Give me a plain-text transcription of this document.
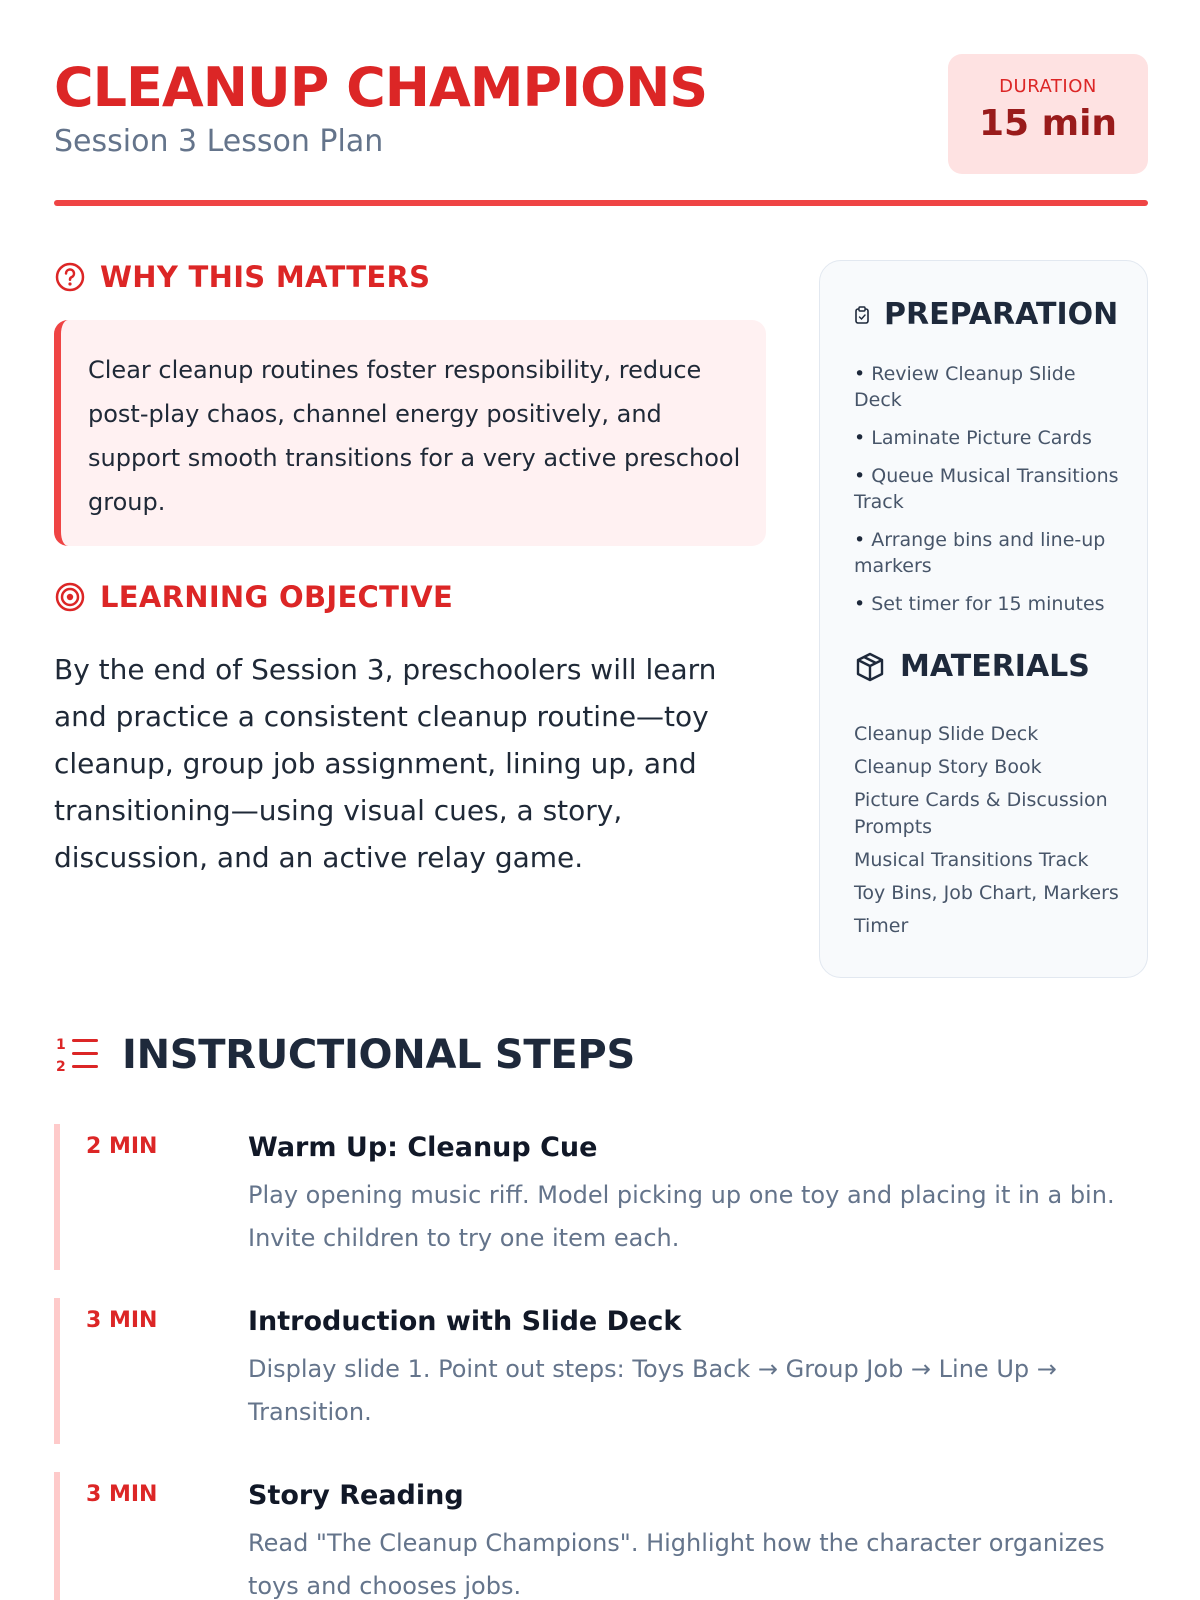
CLEANUP CHAMPIONS
Session 3 Lesson Plan
DURATION
15 min
WHY THIS MATTERS

Clear cleanup routines foster responsibility, reduce post-play chaos, channel energy positively, and support smooth transitions for a very active preschool group.

LEARNING OBJECTIVE

By the end of Session 3, preschoolers will learn and practice a consistent cleanup routine—toy cleanup, group job assignment, lining up, and transitioning—using visual cues, a story, discussion, and an active relay game.

PREPARATION
• Review Cleanup Slide Deck
• Laminate Picture Cards
• Queue Musical Transitions Track
• Arrange bins and line-up markers
• Set timer for 15 minutes
MATERIALS
Cleanup Slide Deck
Cleanup Story Book
Picture Cards & Discussion Prompts
Musical Transitions Track
Toy Bins, Job Chart, Markers
Timer
1
2 INSTRUCTIONAL STEPS
2 MIN	Warm Up: Cleanup Cue

Play opening music riff. Model picking up one toy and placing it in a bin. Invite children to try one item each.

3 MIN	Introduction with Slide Deck

Display slide 1. Point out steps: Toys Back → Group Job → Line Up → Transition.

3 MIN	Story Reading

Read "The Cleanup Champions". Highlight how the character organizes toys and chooses jobs.
